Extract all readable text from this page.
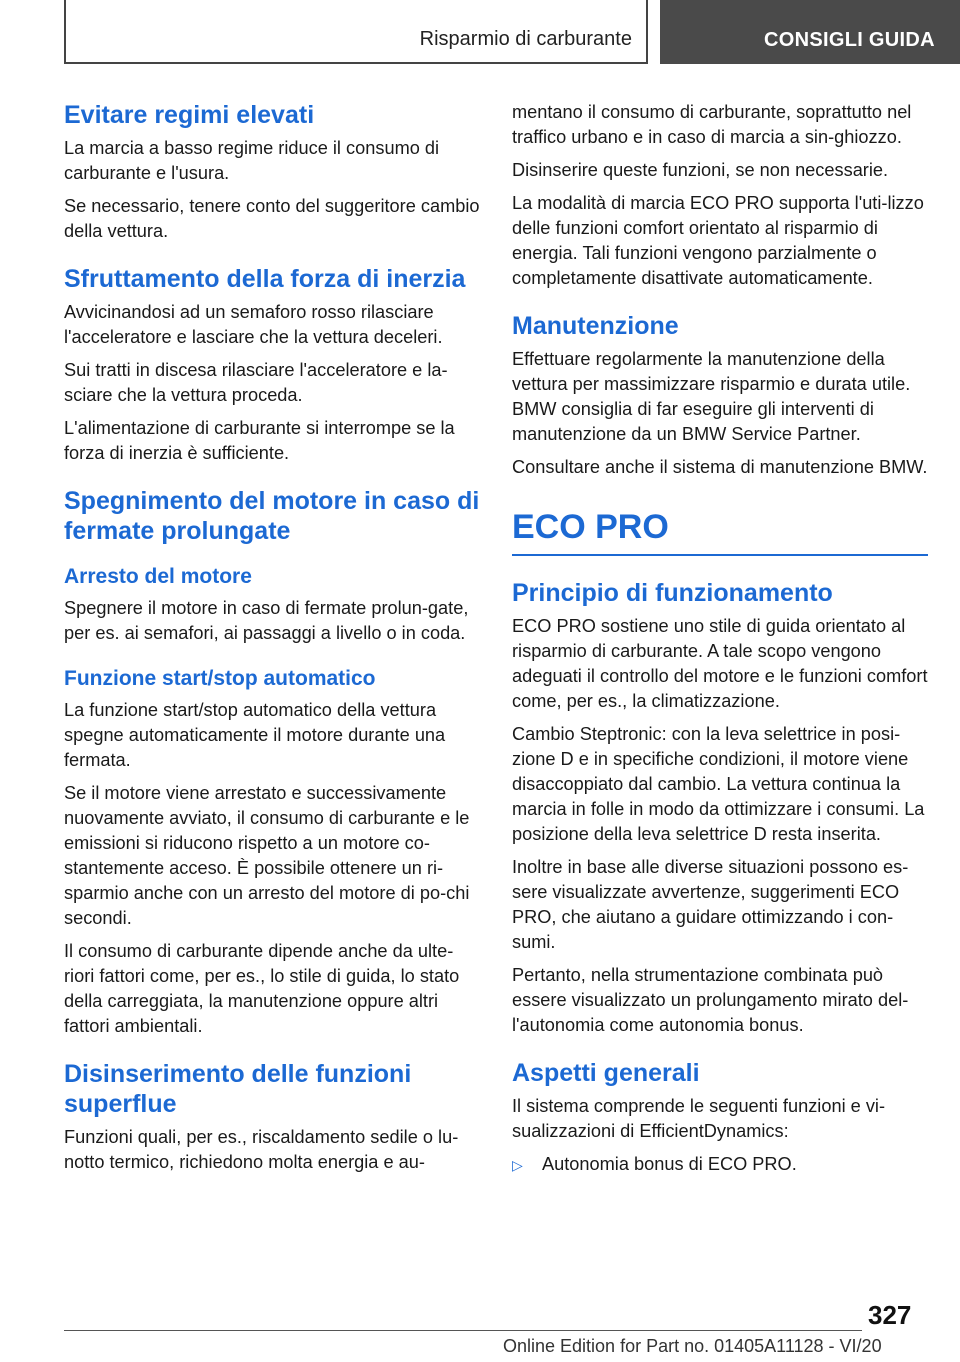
Risparmio di carburante	CONSIGLI GUIDA
Evitare regimi elevati

La marcia a basso regime riduce il consumo di carburante e l'usura.

Se necessario, tenere conto del suggeritore cambio della vettura.

Sfruttamento della forza di inerzia

Avvicinandosi ad un semaforo rosso rilasciare l'acceleratore e lasciare che la vettura deceleri.

Sui tratti in discesa rilasciare l'acceleratore e la-sciare che la vettura proceda.

L'alimentazione di carburante si interrompe se la forza di inerzia è sufficiente.

Spegnimento del motore in caso di fermate prolungate
Arresto del motore

Spegnere il motore in caso di fermate prolun-gate, per es. ai semafori, ai passaggi a livello o in coda.

Funzione start/stop automatico

La funzione start/stop automatico della vettura spegne automaticamente il motore durante una fermata.

Se il motore viene arrestato e successivamente nuovamente avviato, il consumo di carburante e le emissioni si riducono rispetto a un motore co-stantemente acceso. È possibile ottenere un ri-sparmio anche con un arresto del motore di po-chi secondi.

Il consumo di carburante dipende anche da ulte-riori fattori come, per es., lo stile di guida, lo stato della carreggiata, la manutenzione oppure altri fattori ambientali.

Disinserimento delle funzioni superflue

Funzioni quali, per es., riscaldamento sedile o lu-notto termico, richiedono molta energia e au-

mentano il consumo di carburante, soprattutto nel traffico urbano e in caso di marcia a sin-ghiozzo.

Disinserire queste funzioni, se non necessarie.

La modalità di marcia ECO PRO supporta l'uti-lizzo delle funzioni comfort orientato al risparmio di energia. Tali funzioni vengono parzialmente o completamente disattivate automaticamente.

Manutenzione

Effettuare regolarmente la manutenzione della vettura per massimizzare risparmio e durata utile. BMW consiglia di far eseguire gli interventi di manutenzione da un BMW Service Partner.

Consultare anche il sistema di manutenzione BMW.

ECO PRO
Principio di funzionamento

ECO PRO sostiene uno stile di guida orientato al risparmio di carburante. A tale scopo vengono adeguati il controllo del motore e le funzioni comfort come, per es., la climatizzazione.

Cambio Steptronic: con la leva selettrice in posi-zione D e in specifiche condizioni, il motore viene disaccoppiato dal cambio. La vettura continua la marcia in folle in modo da ottimizzare i consumi. La posizione della leva selettrice D resta inserita.

Inoltre in base alle diverse situazioni possono es-sere visualizzate avvertenze, suggerimenti ECO PRO, che aiutano a guidare ottimizzando i con-sumi.

Pertanto, nella strumentazione combinata può essere visualizzato un prolungamento mirato del-l'autonomia come autonomia bonus.

Aspetti generali

Il sistema comprende le seguenti funzioni e vi-sualizzazioni di EfficientDynamics:

▷	Autonomia bonus di ECO PRO.
327
Online Edition for Part no. 01405A11128 - VI/20
